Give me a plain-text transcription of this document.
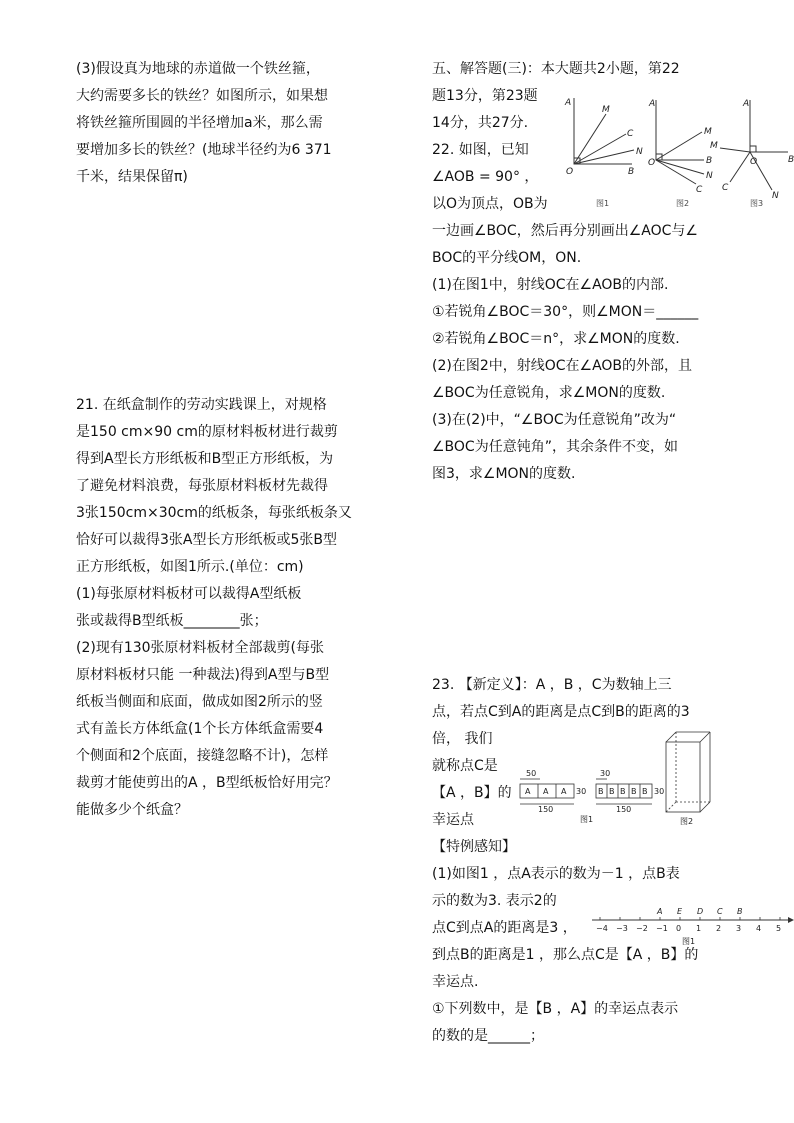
(3)假设真为地球的赤道做一个铁丝箍，
大约需要多长的铁丝？如图所示，如果想
将铁丝箍所围圆的半径增加a米，那么需
要增加多长的铁丝？(地球半径约为6 371
千米，结果保留π)
21. 在纸盒制作的劳动实践课上，对规格
是150 cm×90 cm的原材料板材进行裁剪
得到A型长方形纸板和B型正方形纸板，为
了避免材料浪费，每张原材料板材先裁得
3张150cm×30cm的纸板条，每张纸板条又
恰好可以裁得3张A型长方形纸板或5张B型
正方形纸板，如图1所示.(单位：cm)
(1)每张原材料板材可以裁得A型纸板
张或裁得B型纸板________张；
(2)现有130张原材料板材全部裁剪(每张
原材料板材只能 一种裁法)得到A型与B型
纸板当侧面和底面，做成如图2所示的竖
式有盖长方体纸盒(1个长方体纸盒需要4
个侧面和2个底面，接缝忽略不计)，怎样
裁剪才能使剪出的A ，B型纸板恰好用完？
能做多少个纸盒？
五、解答题(三)：本大题共2小题，第22
题13分，第23题
14分，共27分.
22. 如图，已知
∠AOB = 90° ，
以O为顶点，OB为
一边画∠BOC，然后再分别画出∠AOC与∠
BOC的平分线OM，ON.
(1)在图1中，射线OC在∠AOB的内部.
①若锐角∠BOC＝30°，则∠MON＝______
②若锐角∠BOC＝n°，求∠MON的度数.
(2)在图2中，射线OC在∠AOB的外部，且
∠BOC为任意锐角，求∠MON的度数.
(3)在(2)中，“∠BOC为任意锐角”改为“
∠BOC为任意钝角”，其余条件不变，如
图3，求∠MON的度数.
A
M
C
N
O	B
A
M
O	B
N
C
A
M
O	B
C
N
图1	图2	图3
23. 【新定义】：A ，B ，C为数轴上三
点，若点C到A的距离是点C到B的距离的3
倍， 我们
就称点C是
【A ，B】的
幸运点
【特例感知】
(1)如图1 ，点A表示的数为－1 ，点B表
示的数为3. 表示2的
点C到点A的距离是3 ，
到点B的距离是1 ，那么点C是【A ，B】的
幸运点.
①下列数中，是【B ，A】的幸运点表示
的数的是______；
50	30
A A A 30
150
B B B B B 30
150
图1	图2
−4 −3 −2 −1 0 1 2 3 4 5
A E D C B
图1
